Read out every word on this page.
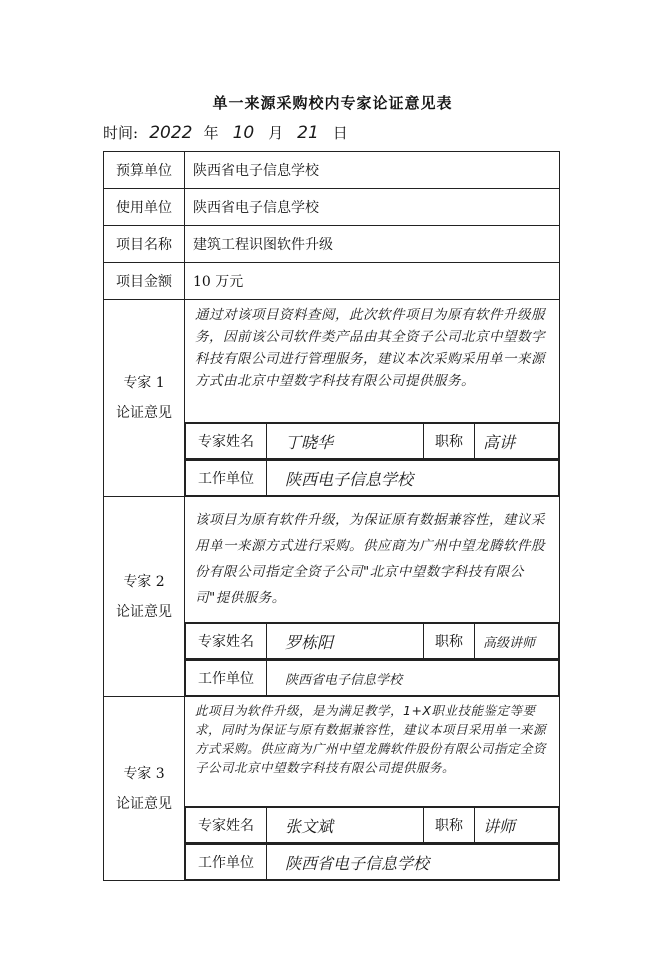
单一来源采购校内专家论证意见表
时间: 2022 年 10 月 21 日
预算单位	陕西省电子信息学校
使用单位	陕西省电子信息学校
项目名称	建筑工程识图软件升级
项目金额	10 万元

专家 1
论证意见
	通过对该项目资料查阅，此次软件项目为原有软件升级服务，因前该公司软件类产品由其全资子公司北京中望数字科技有限公司进行管理服务，建议本次采购采用单一来源方式由北京中望数字科技有限公司提供服务。

专家姓名	丁晓华	职称	高讲

工作单位	陕西电子信息学校

专家 2
论证意见
	该项目为原有软件升级，为保证原有数据兼容性，建议采用单一来源方式进行采购。供应商为广州中望龙腾软件股份有限公司指定全资子公司"北京中望数字科技有限公司"提供服务。

专家姓名	罗栋阳	职称	高级讲师

工作单位	陕西省电子信息学校

专家 3
论证意见
	此项目为软件升级，是为满足教学，1+X职业技能鉴定等要求，同时为保证与原有数据兼容性，建议本项目采用单一来源方式采购。供应商为广州中望龙腾软件股份有限公司指定全资子公司北京中望数字科技有限公司提供服务。

专家姓名	张文斌	职称	讲师

工作单位	陕西省电子信息学校
